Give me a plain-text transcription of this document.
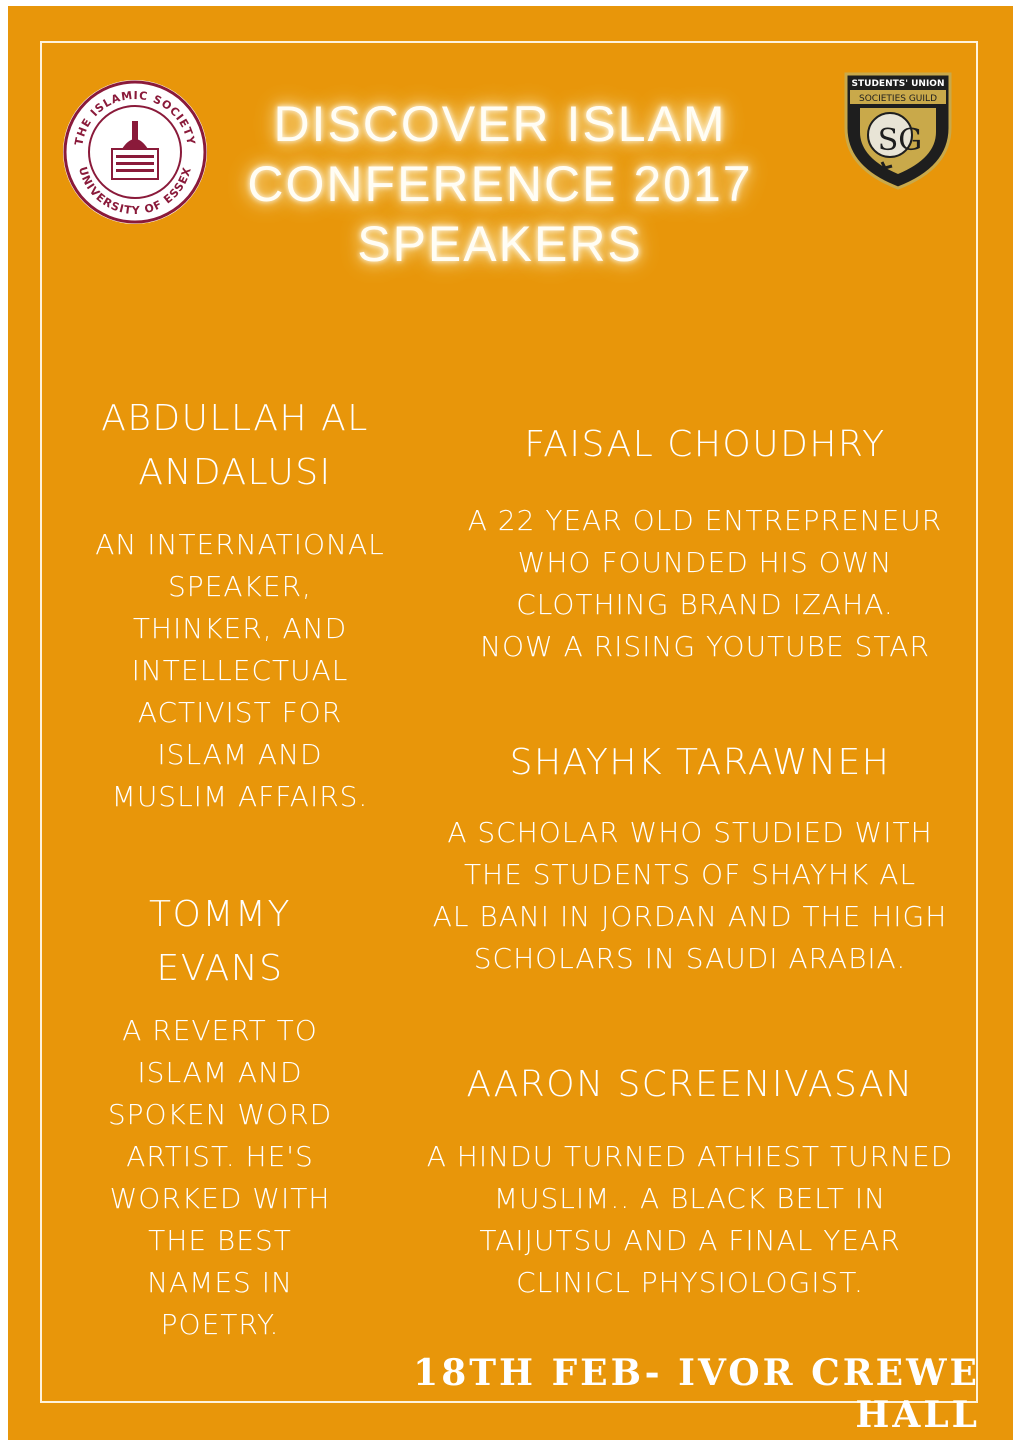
THE ISLAMIC SOCIETY
UNIVERSITY OF ESSEX
STUDENTS' UNION
SOCIETIES GUILD
SG
DISCOVER ISLAM
CONFERENCE 2017
SPEAKERS
ABDULLAH AL
ANDALUSI
AN INTERNATIONAL
SPEAKER,
THINKER, AND
INTELLECTUAL
ACTIVIST FOR
ISLAM AND
MUSLIM AFFAIRS.
FAISAL CHOUDHRY
A 22 YEAR OLD ENTREPRENEUR
WHO FOUNDED HIS OWN
CLOTHING BRAND IZAHA.
NOW A RISING YOUTUBE STAR
SHAYHK TARAWNEH
A SCHOLAR WHO STUDIED WITH
THE STUDENTS OF SHAYHK AL
AL BANI IN JORDAN AND THE HIGH
SCHOLARS IN SAUDI ARABIA.
TOMMY
EVANS
A REVERT TO
ISLAM AND
SPOKEN WORD
ARTIST. HE'S
WORKED WITH
THE BEST
NAMES IN
POETRY.
AARON SCREENIVASAN
A HINDU TURNED ATHIEST TURNED
MUSLIM.. A BLACK BELT IN
TAIJUTSU AND A FINAL YEAR
CLINICL PHYSIOLOGIST.
18TH FEB- IVOR CREWE HALL
